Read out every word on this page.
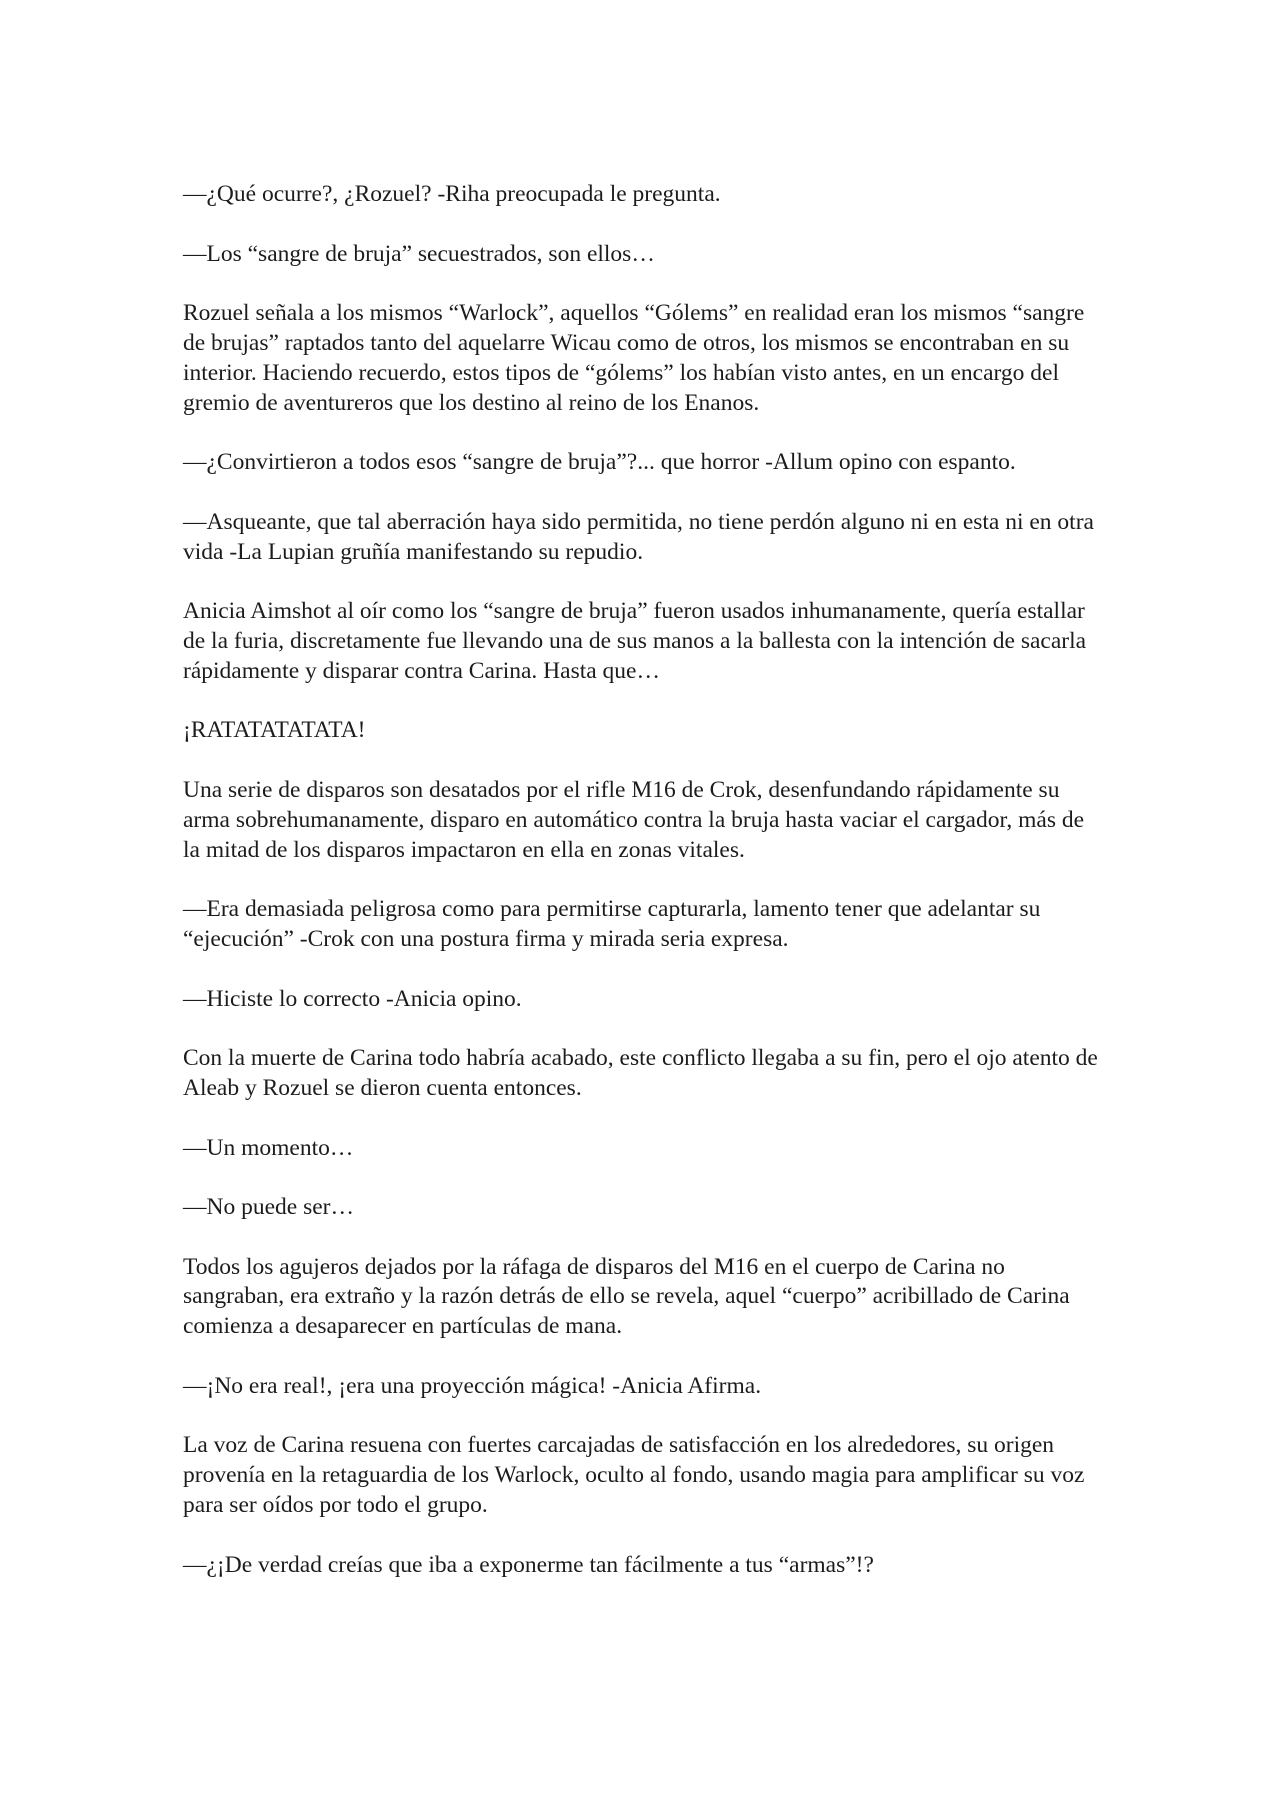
—¿Qué ocurre?, ¿Rozuel? -Riha preocupada le pregunta.

—Los “sangre de bruja” secuestrados, son ellos…

Rozuel señala a los mismos “Warlock”, aquellos “Gólems” en realidad eran los mismos “sangre de brujas” raptados tanto del aquelarre Wicau como de otros, los mismos se encontraban en su interior. Haciendo recuerdo, estos tipos de “gólems” los habían visto antes, en un encargo del gremio de aventureros que los destino al reino de los Enanos.

—¿Convirtieron a todos esos “sangre de bruja”?... que horror -Allum opino con espanto.

—Asqueante, que tal aberración haya sido permitida, no tiene perdón alguno ni en esta ni en otra vida -La Lupian gruñía manifestando su repudio.

Anicia Aimshot al oír como los “sangre de bruja” fueron usados inhumanamente, quería estallar de la furia, discretamente fue llevando una de sus manos a la ballesta con la intención de sacarla rápidamente y disparar contra Carina. Hasta que…

¡RATATATATATA!

Una serie de disparos son desatados por el rifle M16 de Crok, desenfundando rápidamente su arma sobrehumanamente, disparo en automático contra la bruja hasta vaciar el cargador, más de la mitad de los disparos impactaron en ella en zonas vitales.

—Era demasiada peligrosa como para permitirse capturarla, lamento tener que adelantar su “ejecución” -Crok con una postura firma y mirada seria expresa.

—Hiciste lo correcto -Anicia opino.

Con la muerte de Carina todo habría acabado, este conflicto llegaba a su fin, pero el ojo atento de Aleab y Rozuel se dieron cuenta entonces.

—Un momento…

—No puede ser…

Todos los agujeros dejados por la ráfaga de disparos del M16 en el cuerpo de Carina no sangraban, era extraño y la razón detrás de ello se revela, aquel “cuerpo” acribillado de Carina comienza a desaparecer en partículas de mana.

—¡No era real!, ¡era una proyección mágica! -Anicia Afirma.

La voz de Carina resuena con fuertes carcajadas de satisfacción en los alrededores, su origen provenía en la retaguardia de los Warlock, oculto al fondo, usando magia para amplificar su voz para ser oídos por todo el grupo.

—¿¡De verdad creías que iba a exponerme tan fácilmente a tus “armas”!?
